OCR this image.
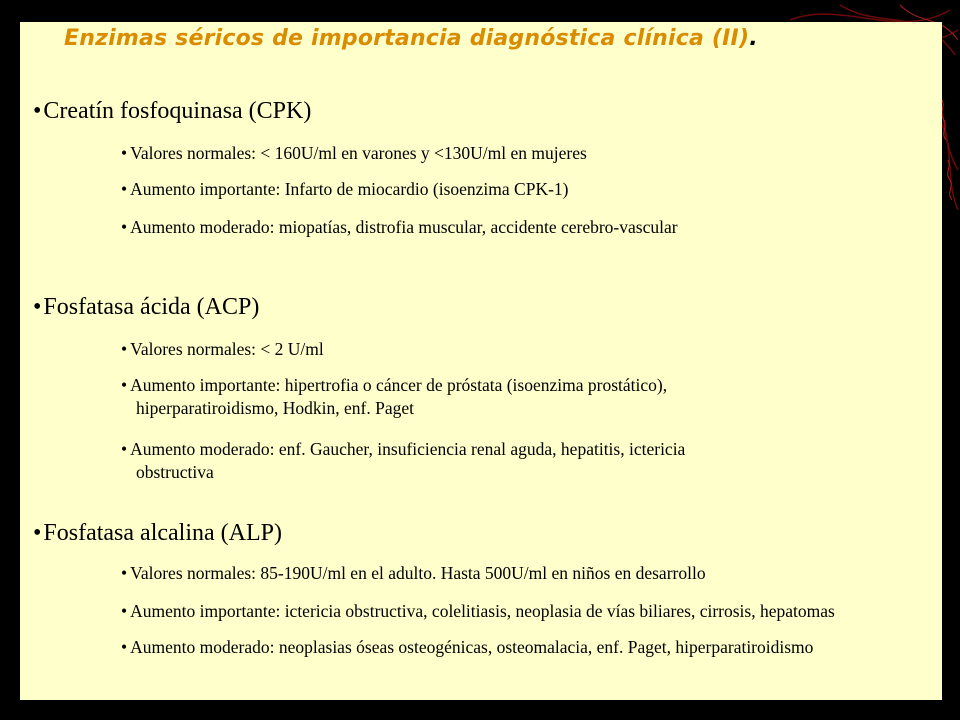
Enzimas séricos de importancia diagnóstica clínica (II).
•Creatín fosfoquinasa (CPK)
• Valores normales: < 160U/ml en varones y <130U/ml en mujeres
• Aumento importante: Infarto de miocardio (isoenzima CPK-1)
• Aumento moderado: miopatías, distrofia muscular, accidente cerebro-vascular
•Fosfatasa ácida (ACP)
• Valores normales: < 2 U/ml
• Aumento importante: hipertrofia o cáncer de próstata (isoenzima prostático),
hiperparatiroidismo, Hodkin, enf. Paget
• Aumento moderado: enf. Gaucher, insuficiencia renal aguda, hepatitis, ictericia
obstructiva
•Fosfatasa alcalina (ALP)
• Valores normales: 85-190U/ml en el adulto. Hasta 500U/ml en niños en desarrollo
• Aumento importante: ictericia obstructiva, colelitiasis, neoplasia de vías biliares, cirrosis, hepatomas
• Aumento moderado: neoplasias óseas osteogénicas, osteomalacia, enf. Paget, hiperparatiroidismo
